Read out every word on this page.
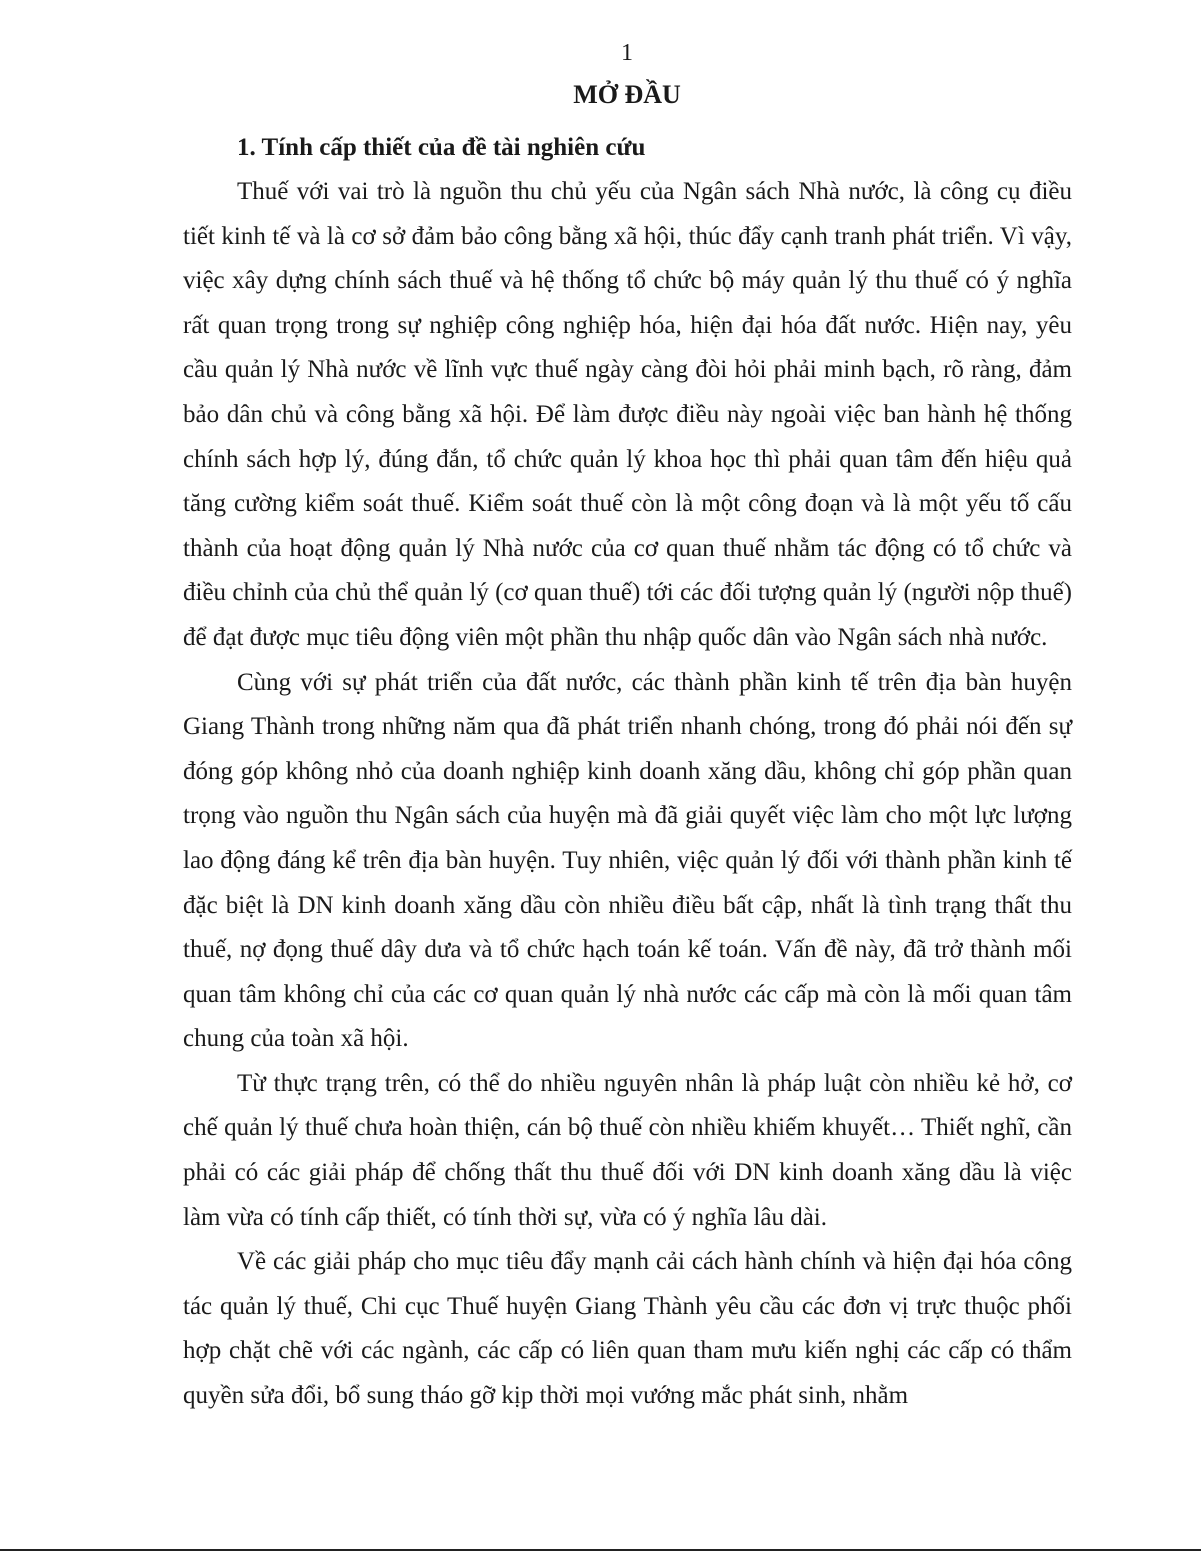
1
MỞ ĐẦU
1. Tính cấp thiết của đề tài nghiên cứu

Thuế với vai trò là nguồn thu chủ yếu của Ngân sách Nhà nước, là công cụ điều tiết kinh tế và là cơ sở đảm bảo công bằng xã hội, thúc đẩy cạnh tranh phát triển. Vì vậy, việc xây dựng chính sách thuế và hệ thống tổ chức bộ máy quản lý thu thuế có ý nghĩa rất quan trọng trong sự nghiệp công nghiệp hóa, hiện đại hóa đất nước. Hiện nay, yêu cầu quản lý Nhà nước về lĩnh vực thuế ngày càng đòi hỏi phải minh bạch, rõ ràng, đảm bảo dân chủ và công bằng xã hội. Để làm được điều này ngoài việc ban hành hệ thống chính sách hợp lý, đúng đắn, tổ chức quản lý khoa học thì phải quan tâm đến hiệu quả tăng cường kiểm soát thuế. Kiểm soát thuế còn là một công đoạn và là một yếu tố cấu thành của hoạt động quản lý Nhà nước của cơ quan thuế nhằm tác động có tổ chức và điều chỉnh của chủ thể quản lý (cơ quan thuế) tới các đối tượng quản lý (người nộp thuế) để đạt được mục tiêu động viên một phần thu nhập quốc dân vào Ngân sách nhà nước.

Cùng với sự phát triển của đất nước, các thành phần kinh tế trên địa bàn huyện Giang Thành trong những năm qua đã phát triển nhanh chóng, trong đó phải nói đến sự đóng góp không nhỏ của doanh nghiệp kinh doanh xăng dầu, không chỉ góp phần quan trọng vào nguồn thu Ngân sách của huyện mà đã giải quyết việc làm cho một lực lượng lao động đáng kể trên địa bàn huyện. Tuy nhiên, việc quản lý đối với thành phần kinh tế đặc biệt là DN kinh doanh xăng dầu còn nhiều điều bất cập, nhất là tình trạng thất thu thuế, nợ đọng thuế dây dưa và tổ chức hạch toán kế toán. Vấn đề này, đã trở thành mối quan tâm không chỉ của các cơ quan quản lý nhà nước các cấp mà còn là mối quan tâm chung của toàn xã hội.

Từ thực trạng trên, có thể do nhiều nguyên nhân là pháp luật còn nhiều kẻ hở, cơ chế quản lý thuế chưa hoàn thiện, cán bộ thuế còn nhiều khiếm khuyết… Thiết nghĩ, cần phải có các giải pháp để chống thất thu thuế đối với DN kinh doanh xăng dầu là việc làm vừa có tính cấp thiết, có tính thời sự, vừa có ý nghĩa lâu dài.

Về các giải pháp cho mục tiêu đẩy mạnh cải cách hành chính và hiện đại hóa công tác quản lý thuế, Chi cục Thuế huyện Giang Thành yêu cầu các đơn vị trực thuộc phối hợp chặt chẽ với các ngành, các cấp có liên quan tham mưu kiến nghị các cấp có thẩm quyền sửa đổi, bổ sung tháo gỡ kịp thời mọi vướng mắc phát sinh, nhằm
